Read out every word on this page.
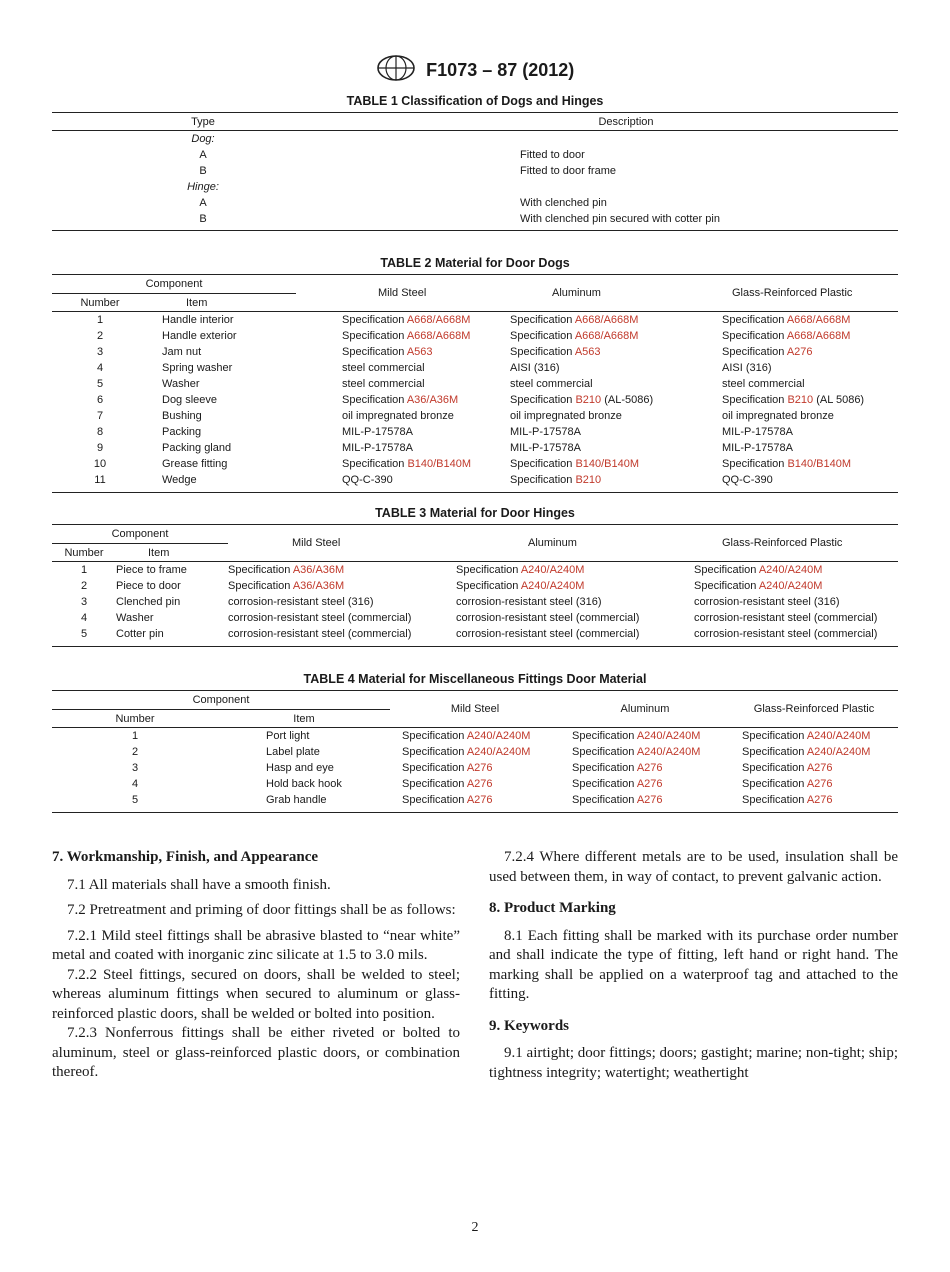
F1073 – 87 (2012)
TABLE 1 Classification of Dogs and Hinges
Type	Description

Dog:	
A	Fitted to door
B	Fitted to door frame
Hinge:	
A	With clenched pin
B	With clenched pin secured with cotter pin

TABLE 2 Material for Door Dogs
Component		Mild Steel	Aluminum	Glass-Reinforced Plastic
Number	Item			

1	Handle interior	Specification A668/A668M	Specification A668/A668M	Specification A668/A668M
2	Handle exterior	Specification A668/A668M	Specification A668/A668M	Specification A668/A668M
3	Jam nut	Specification A563	Specification A563	Specification A276
4	Spring washer	steel commercial	AISI (316)	AISI (316)
5	Washer	steel commercial	steel commercial	steel commercial
6	Dog sleeve	Specification A36/A36M	Specification B210 (AL-5086)	Specification B210 (AL 5086)
7	Bushing	oil impregnated bronze	oil impregnated bronze	oil impregnated bronze
8	Packing	MIL-P-17578A	MIL-P-17578A	MIL-P-17578A
9	Packing gland	MIL-P-17578A	MIL-P-17578A	MIL-P-17578A
10	Grease fitting	Specification B140/B140M	Specification B140/B140M	Specification B140/B140M
11	Wedge	QQ-C-390	Specification B210	QQ-C-390

TABLE 3 Material for Door Hinges
Component		Mild Steel	Aluminum	Glass-Reinforced Plastic
Number	Item			

1	Piece to frame	Specification A36/A36M	Specification A240/A240M	Specification A240/A240M
2	Piece to door	Specification A36/A36M	Specification A240/A240M	Specification A240/A240M
3	Clenched pin	corrosion-resistant steel (316)	corrosion-resistant steel (316)	corrosion-resistant steel (316)
4	Washer	corrosion-resistant steel (commercial)	corrosion-resistant steel (commercial)	corrosion-resistant steel (commercial)
5	Cotter pin	corrosion-resistant steel (commercial)	corrosion-resistant steel (commercial)	corrosion-resistant steel (commercial)

TABLE 4 Material for Miscellaneous Fittings Door Material
Component		Mild Steel	Aluminum	Glass-Reinforced Plastic
Number	Item			

1	Port light	Specification A240/A240M	Specification A240/A240M	Specification A240/A240M
2	Label plate	Specification A240/A240M	Specification A240/A240M	Specification A240/A240M
3	Hasp and eye	Specification A276	Specification A276	Specification A276
4	Hold back hook	Specification A276	Specification A276	Specification A276
5	Grab handle	Specification A276	Specification A276	Specification A276

7. Workmanship, Finish, and Appearance

7.1 All materials shall have a smooth finish.

7.2 Pretreatment and priming of door fittings shall be as follows:

7.2.1 Mild steel fittings shall be abrasive blasted to “near white” metal and coated with inorganic zinc silicate at 1.5 to 3.0 mils.

7.2.2 Steel fittings, secured on doors, shall be welded to steel; whereas aluminum fittings when secured to aluminum or glass-reinforced plastic doors, shall be welded or bolted into position.

7.2.3 Nonferrous fittings shall be either riveted or bolted to aluminum, steel or glass-reinforced plastic doors, or combination thereof.

7.2.4 Where different metals are to be used, insulation shall be used between them, in way of contact, to prevent galvanic action.

8. Product Marking

8.1 Each fitting shall be marked with its purchase order number and shall indicate the type of fitting, left hand or right hand. The marking shall be applied on a waterproof tag and attached to the fitting.

9. Keywords

9.1 airtight; door fittings; doors; gastight; marine; non-tight; ship; tightness integrity; watertight; weathertight

2
